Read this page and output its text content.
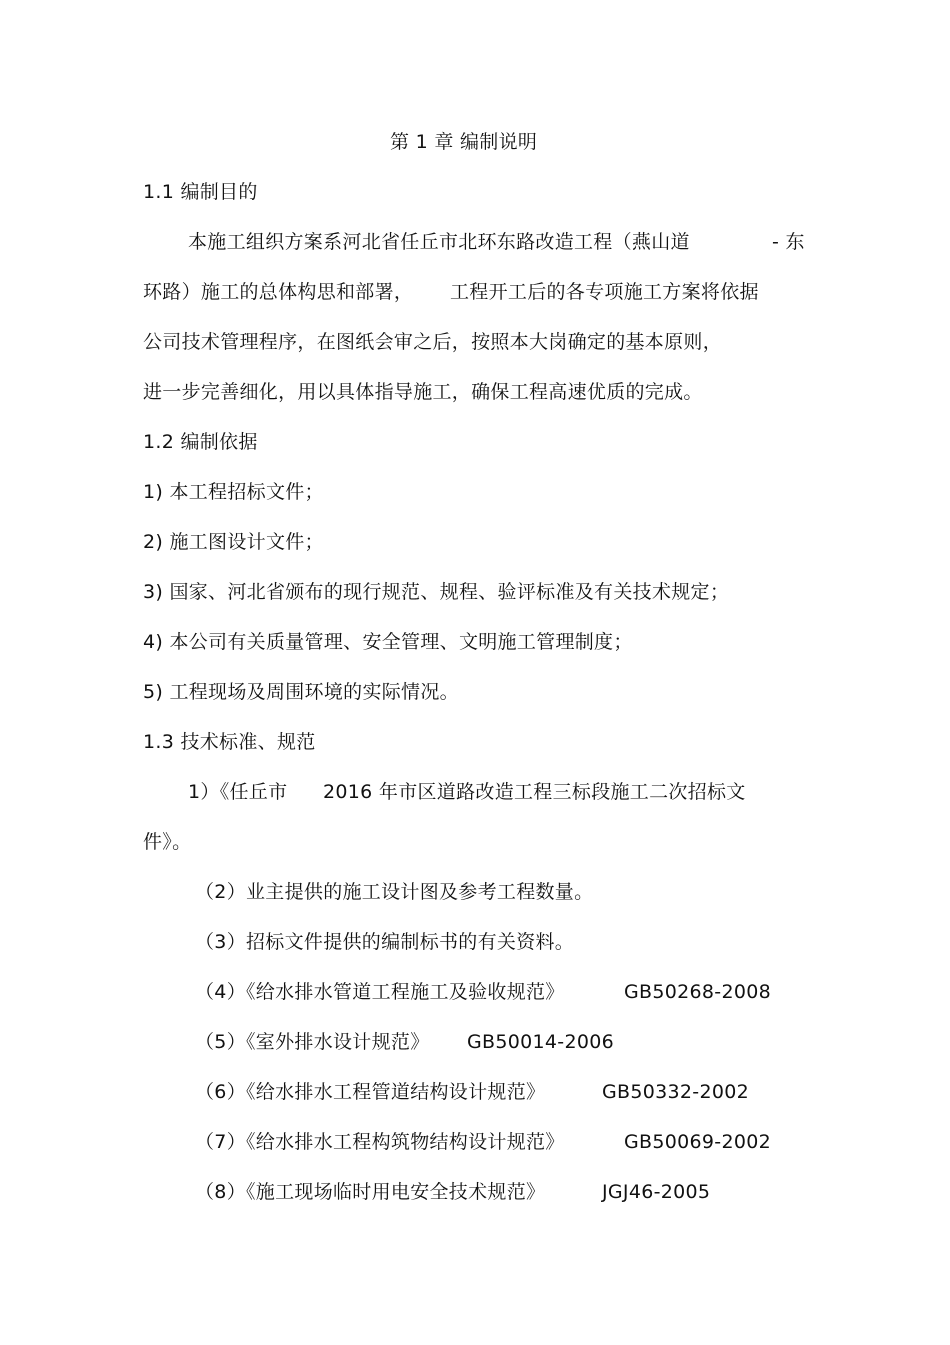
第 1 章 编制说明
1.1 编制目的
本施工组织方案系河北省任丘市北环东路改造工程（燕山道	- 东
环路）施工的总体构思和部署， 工程开工后的各专项施工方案将依据
公司技术管理程序，在图纸会审之后，按照本大岗确定的基本原则，
进一步完善细化，用以具体指导施工，确保工程高速优质的完成。
1.2 编制依据
1) 本工程招标文件；
2) 施工图设计文件；
3) 国家、河北省颁布的现行规范、规程、验评标准及有关技术规定；
4) 本公司有关质量管理、安全管理、文明施工管理制度；
5) 工程现场及周围环境的实际情况。
1.3 技术标准、规范
1）《任丘市 2016 年市区道路改造工程三标段施工二次招标文
件》。
（2）业主提供的施工设计图及参考工程数量。
（3）招标文件提供的编制标书的有关资料。
（4）《给水排水管道工程施工及验收规范》	GB50268-2008
（5）《室外排水设计规范》 GB50014-2006
（6）《给水排水工程管道结构设计规范》	GB50332-2002
（7）《给水排水工程构筑物结构设计规范》	GB50069-2002
（8）《施工现场临时用电安全技术规范》	JGJ46-2005
